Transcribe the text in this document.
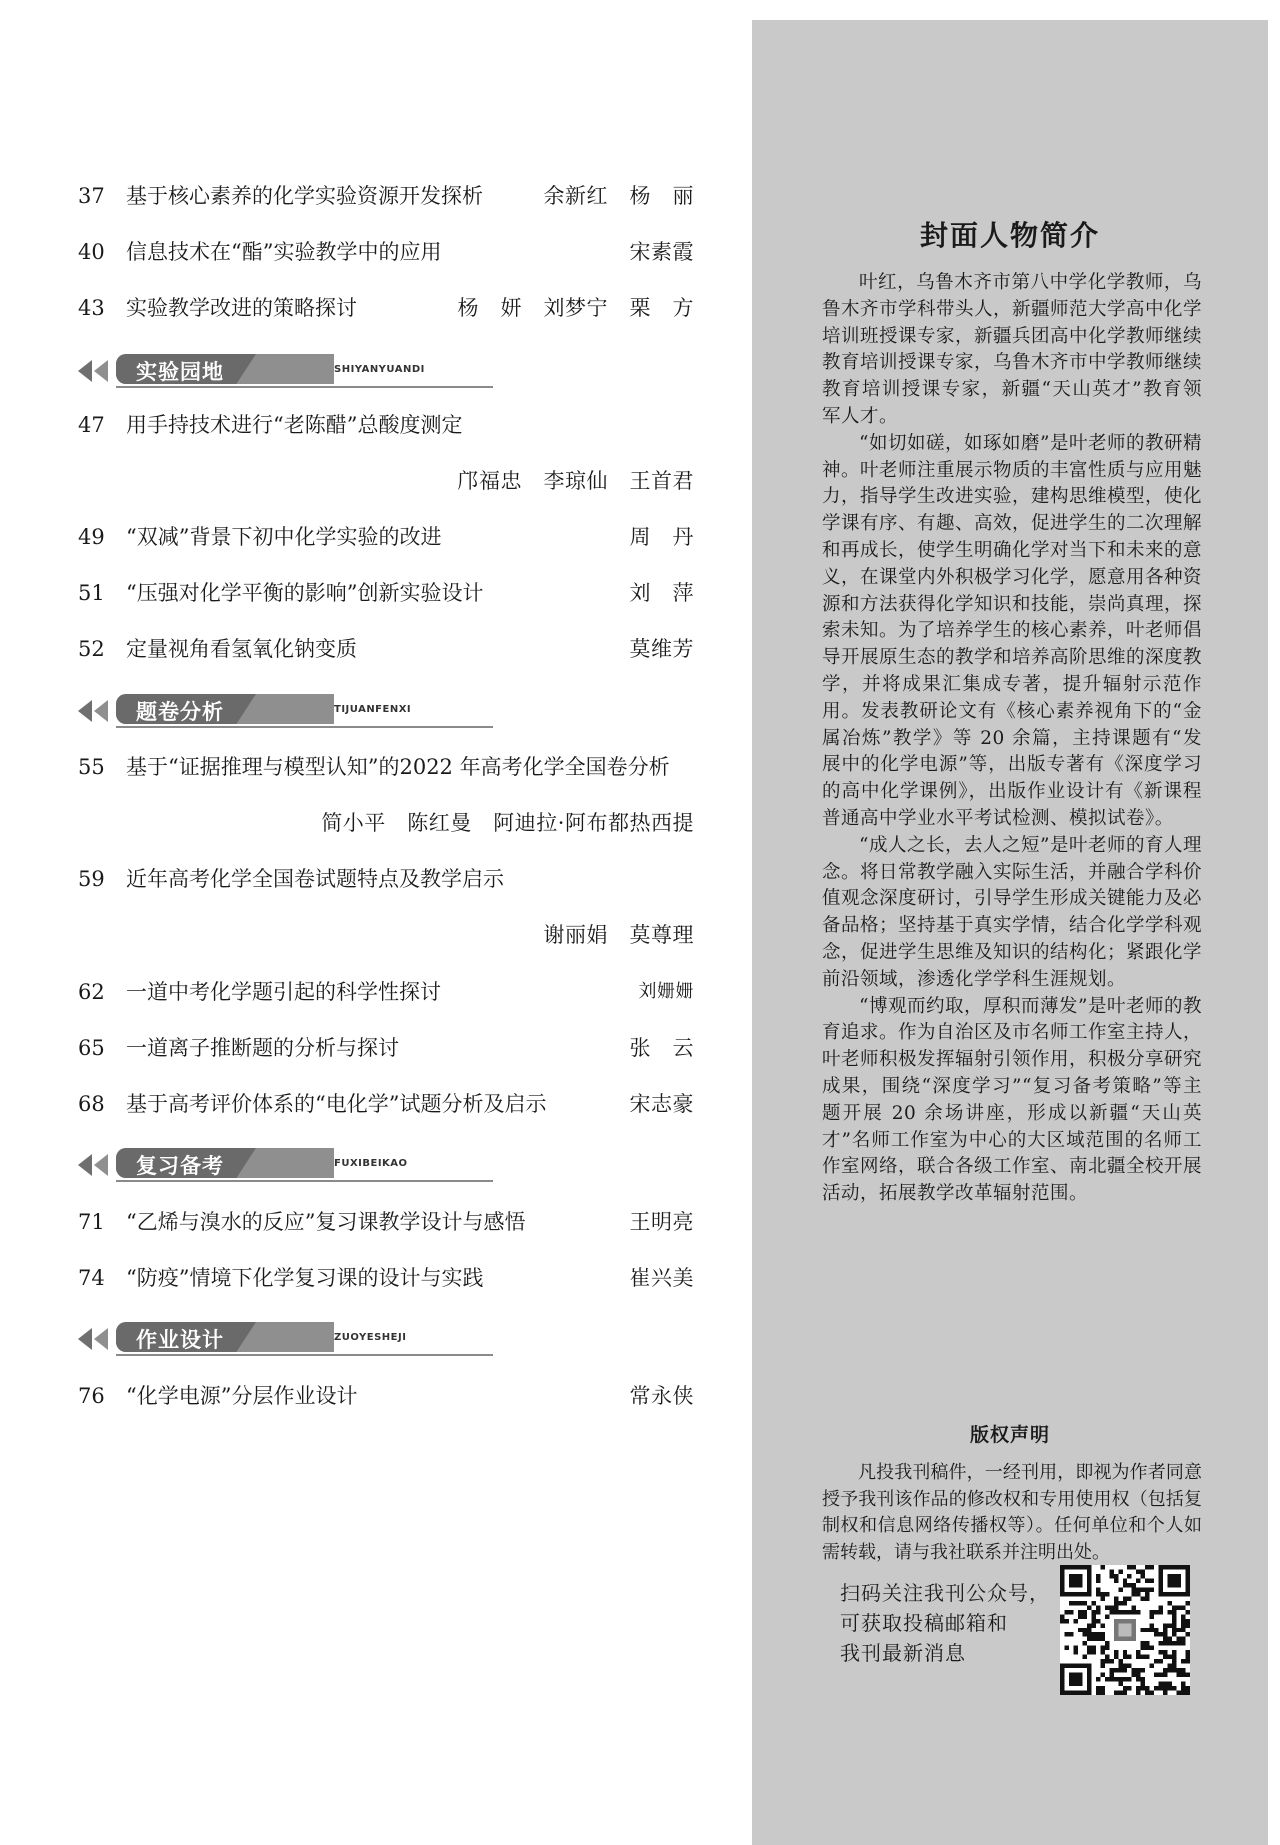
37	基于核心素养的化学实验资源开发探析	余新红　杨　丽
40	信息技术在“酯”实验教学中的应用	宋素霞
43	实验教学改进的策略探讨	杨　妍　刘梦宁　栗　方
实验园地	SHIYANYUANDI
47	用手持技术进行“老陈醋”总酸度测定
邝福忠　李琼仙　王首君
49	“双减”背景下初中化学实验的改进	周　丹
51	“压强对化学平衡的影响”创新实验设计	刘　萍
52	定量视角看氢氧化钠变质	莫维芳
题卷分析	TIJUANFENXI
55	基于“证据推理与模型认知”的2022 年高考化学全国卷分析
简小平　陈红曼　阿迪拉·阿布都热西提
59	近年高考化学全国卷试题特点及教学启示
谢丽娟　莫尊理
62	一道中考化学题引起的科学性探讨	刘姗姗
65	一道离子推断题的分析与探讨	张　云
68	基于高考评价体系的“电化学”试题分析及启示	宋志豪
复习备考	FUXIBEIKAO
71	“乙烯与溴水的反应”复习课教学设计与感悟	王明亮
74	“防疫”情境下化学复习课的设计与实践	崔兴美
作业设计	ZUOYESHEJI
76	“化学电源”分层作业设计	常永侠
封面人物简介

叶红，乌鲁木齐市第八中学化学教师，乌鲁木齐市学科带头人，新疆师范大学高中化学培训班授课专家，新疆兵团高中化学教师继续教育培训授课专家，乌鲁木齐市中学教师继续教育培训授课专家，新疆“天山英才”教育领军人才。

“如切如磋，如琢如磨”是叶老师的教研精神。叶老师注重展示物质的丰富性质与应用魅力，指导学生改进实验，建构思维模型，使化学课有序、有趣、高效，促进学生的二次理解和再成长，使学生明确化学对当下和未来的意义，在课堂内外积极学习化学，愿意用各种资源和方法获得化学知识和技能，崇尚真理，探索未知。为了培养学生的核心素养，叶老师倡导开展原生态的教学和培养高阶思维的深度教学，并将成果汇集成专著，提升辐射示范作用。发表教研论文有《核心素养视角下的“金属冶炼”教学》等 20 余篇，主持课题有“发展中的化学电源”等，出版专著有《深度学习的高中化学课例》，出版作业设计有《新课程普通高中学业水平考试检测、模拟试卷》。

“成人之长，去人之短”是叶老师的育人理念。将日常教学融入实际生活，并融合学科价值观念深度研讨，引导学生形成关键能力及必备品格；坚持基于真实学情，结合化学学科观念，促进学生思维及知识的结构化；紧跟化学前沿领域，渗透化学学科生涯规划。

“博观而约取，厚积而薄发”是叶老师的教育追求。作为自治区及市名师工作室主持人，叶老师积极发挥辐射引领作用，积极分享研究成果，围绕“深度学习”“复习备考策略”等主题开展 20 余场讲座，形成以新疆“天山英才”名师工作室为中心的大区域范围的名师工作室网络，联合各级工作室、南北疆全校开展活动，拓展教学改革辐射范围。

版权声明

凡投我刊稿件，一经刊用，即视为作者同意授予我刊该作品的修改权和专用使用权（包括复制权和信息网络传播权等）。任何单位和个人如需转载，请与我社联系并注明出处。

扫码关注我刊公众号，
可获取投稿邮箱和
我刊最新消息
